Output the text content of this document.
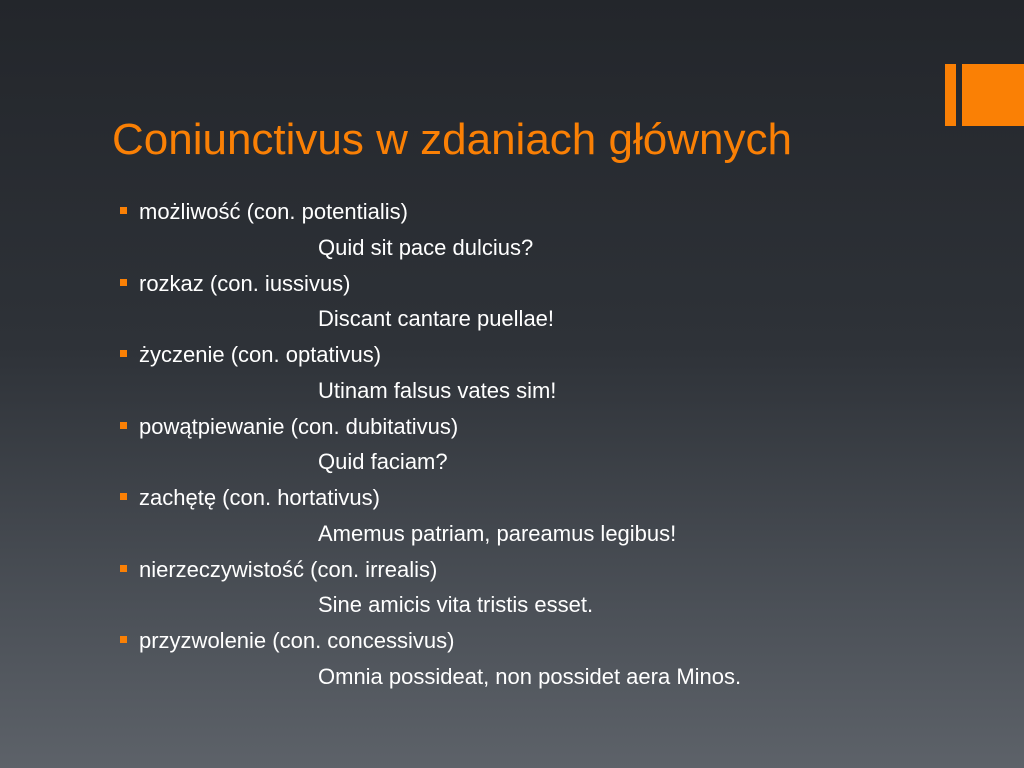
Coniunctivus w zdaniach głównych
możliwość (con. potentialis)
Quid sit pace dulcius?
rozkaz (con. iussivus)
Discant cantare puellae!
życzenie (con. optativus)
Utinam falsus vates sim!
powątpiewanie (con. dubitativus)
Quid faciam?
zachętę (con. hortativus)
Amemus patriam, pareamus legibus!
nierzeczywistość (con. irrealis)
Sine amicis vita tristis esset.
przyzwolenie (con. concessivus)
Omnia possideat, non possidet aera Minos.
